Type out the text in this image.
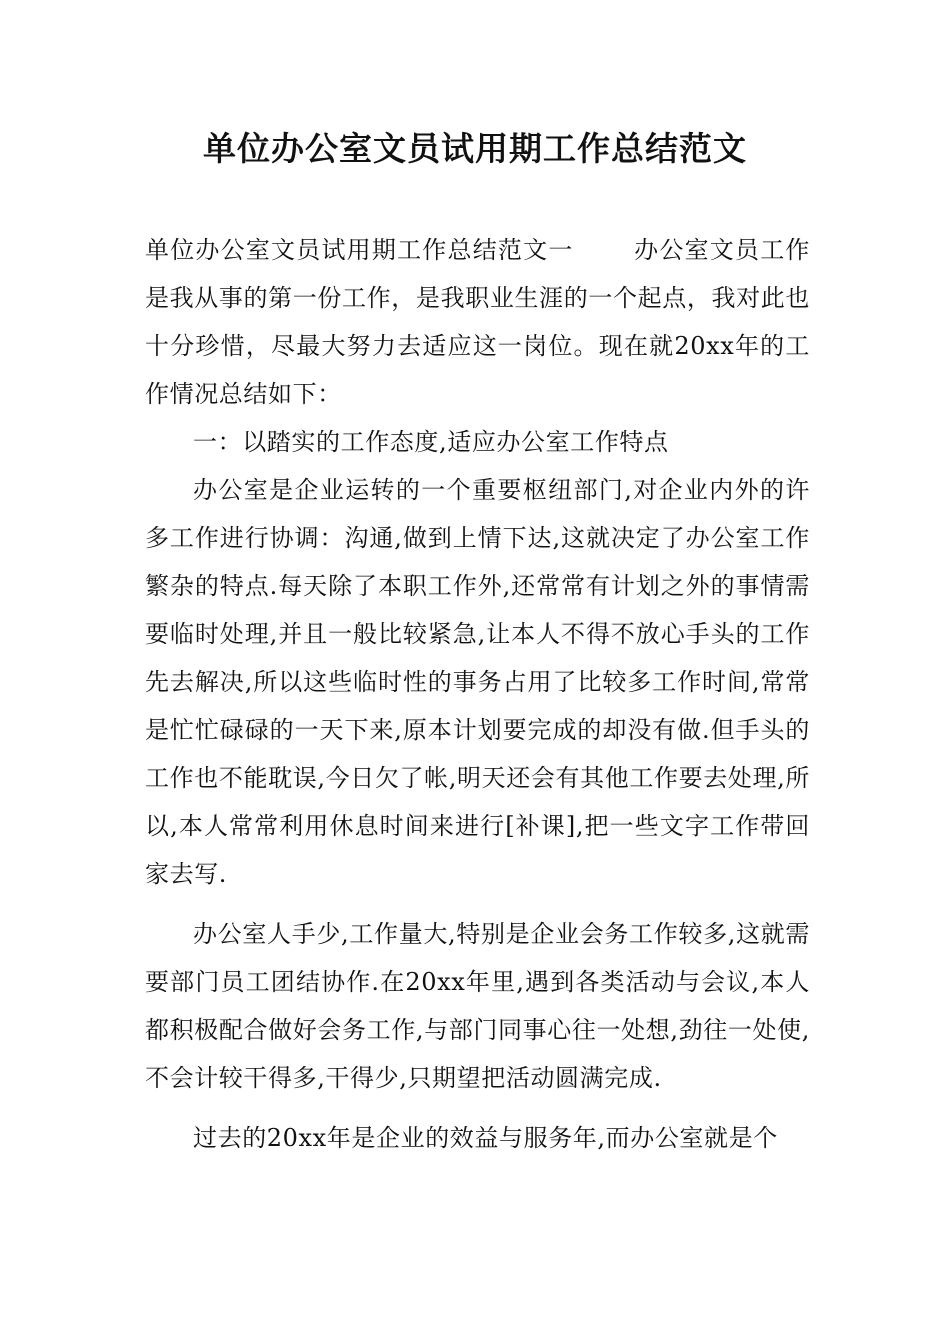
单位办公室文员试用期工作总结范文

单位办公室文员试用期工作总结范文一	办公室文员工作是我从事的第一份工作，是我职业生涯的一个起点，我对此也十分珍惜，尽最大努力去适应这一岗位。现在就20xx年的工作情况总结如下：

一：以踏实的工作态度,适应办公室工作特点

办公室是企业运转的一个重要枢纽部门,对企业内外的许多工作进行协调：沟通,做到上情下达,这就决定了办公室工作繁杂的特点.每天除了本职工作外,还常常有计划之外的事情需要临时处理,并且一般比较紧急,让本人不得不放心手头的工作先去解决,所以这些临时性的事务占用了比较多工作时间,常常是忙忙碌碌的一天下来,原本计划要完成的却没有做.但手头的工作也不能耽误,今日欠了帐,明天还会有其他工作要去处理,所以,本人常常利用休息时间来进行[补课],把一些文字工作带回家去写.

办公室人手少,工作量大,特别是企业会务工作较多,这就需要部门员工团结协作.在20xx年里,遇到各类活动与会议,本人都积极配合做好会务工作,与部门同事心往一处想,劲往一处使,不会计较干得多,干得少,只期望把活动圆满完成.

过去的20xx年是企业的效益与服务年,而办公室就是个
